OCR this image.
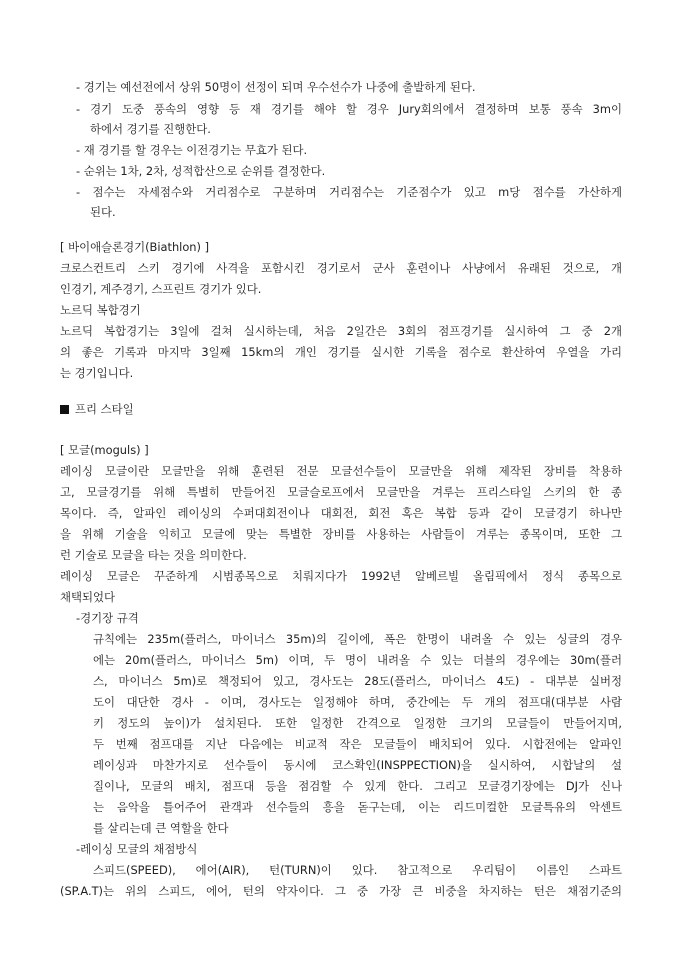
- 경기는 예선전에서 상위 50명이 선정이 되며 우수선수가 나중에 출발하게 된다.
- 경기 도중 풍속의 영향 등 재 경기를 해야 할 경우 Jury회의에서 결정하며 보통 풍속 3m이
하에서 경기를 진행한다.
- 재 경기를 할 경우는 이전경기는 무효가 된다.
- 순위는 1차, 2차, 성적합산으로 순위를 결정한다.
- 점수는 자세점수와 거리점수로 구분하며 거리점수는 기준점수가 있고 m당 점수를 가산하게
된다.
[ 바이애슬론경기(Biathlon) ]
크로스컨트리 스키 경기에 사격을 포함시킨 경기로서 군사 훈련이나 사냥에서 유래된 것으로, 개
인경기, 계주경기, 스프린트 경기가 있다.
노르딕 복합경기
노르딕 복합경기는 3일에 걸쳐 실시하는데, 처음 2일간은 3회의 점프경기를 실시하여 그 중 2개
의 좋은 기록과 마지막 3일째 15km의 개인 경기를 실시한 기록을 점수로 환산하여 우열을 가리
는 경기입니다.
프리 스타일
[ 모글(moguls) ]
레이싱 모글이란 모글만을 위해 훈련된 전문 모글선수들이 모글만을 위해 제작된 장비를 착용하
고, 모글경기를 위해 특별히 만들어진 모글슬로프에서 모글만을 겨루는 프리스타일 스키의 한 종
목이다. 즉, 알파인 레이싱의 수퍼대회전이나 대회전, 회전 혹은 복합 등과 같이 모글경기 하나만
을 위해 기술을 익히고 모글에 맞는 특별한 장비를 사용하는 사람들이 겨루는 종목이며, 또한 그
런 기술로 모글을 타는 것을 의미한다.
레이싱 모글은 꾸준하게 시범종목으로 치뤄지다가 1992년 알베르빌 올림픽에서 정식 종목으로
채택되었다
-경기장 규격
규칙에는 235m(플러스, 마이너스 35m)의 길이에, 폭은 한명이 내려올 수 있는 싱글의 경우
에는 20m(플러스, 마이너스 5m) 이며, 두 명이 내려올 수 있는 더블의 경우에는 30m(플러
스, 마이너스 5m)로 책정되어 있고, 경사도는 28도(플러스, 마이너스 4도) - 대부분 실버정
도이 대단한 경사 - 이며, 경사도는 일정해야 하며, 중간에는 두 개의 점프대(대부분 사람
키 정도의 높이)가 설치된다. 또한 일정한 간격으로 일정한 크기의 모글들이 만들어지며,
두 번째 점프대를 지난 다음에는 비교적 작은 모글들이 배치되어 있다. 시합전에는 알파인
레이싱과 마찬가지로 선수들이 동시에 코스확인(INSPPECTION)을 실시하여, 시합날의 설
질이나, 모글의 배치, 점프대 등을 점검할 수 있게 한다. 그리고 모글경기장에는 DJ가 신나
는 음악을 틀어주어 관객과 선수들의 흥을 돋구는데, 이는 리드미컬한 모글특유의 악센트
를 살리는데 큰 역할을 한다
-레이싱 모글의 채점방식
스피드(SPEED), 에어(AIR), 턴(TURN)이 있다. 참고적으로 우리팀이 이름인 스파트
(SP.A.T)는 위의 스피드, 에어, 턴의 약자이다. 그 중 가장 큰 비중을 차지하는 턴은 채점기준의
